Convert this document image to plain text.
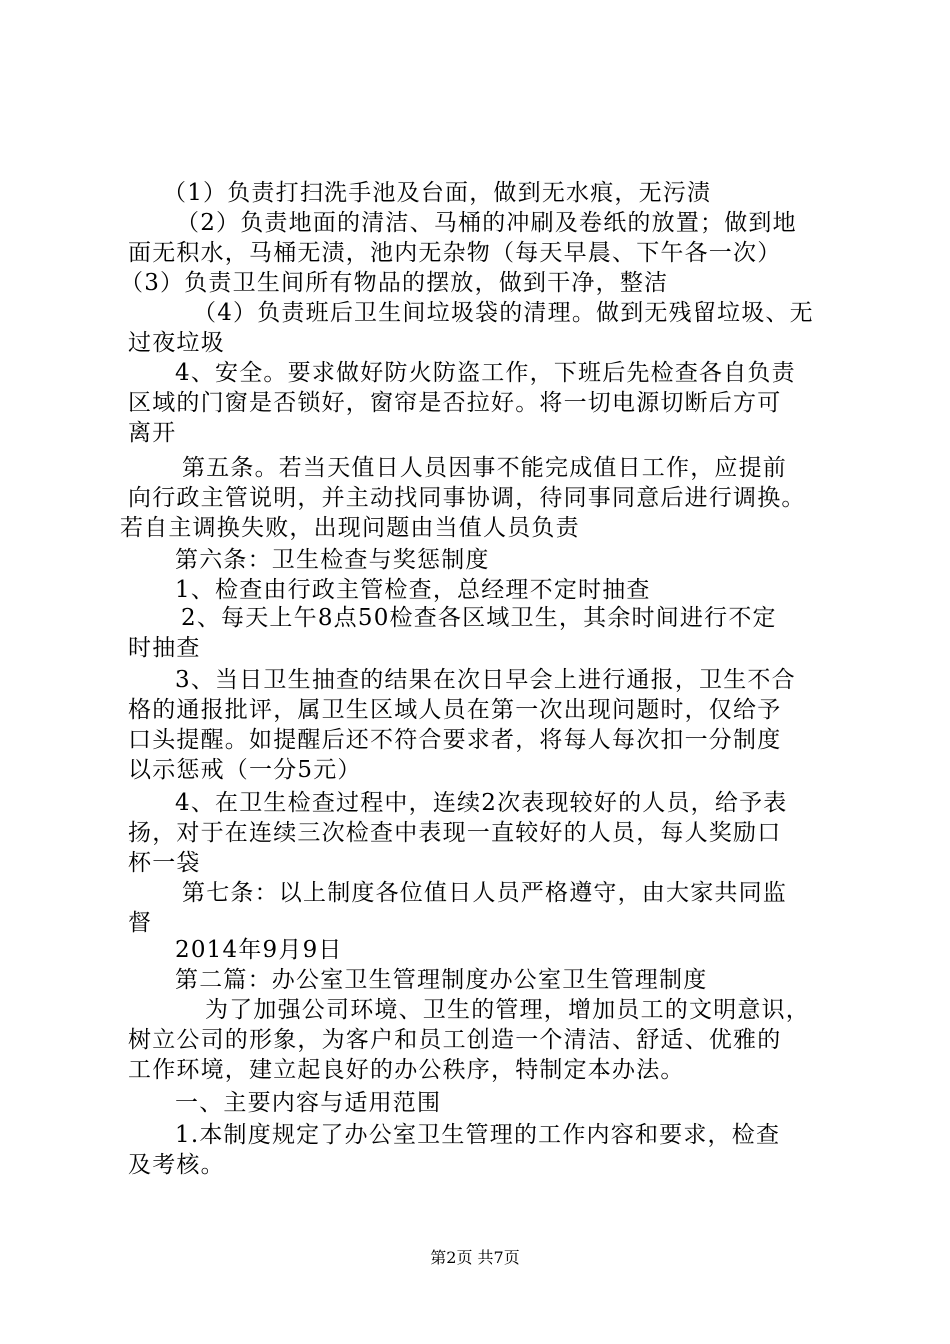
（1）负责打扫洗手池及台面，做到无水痕，无污渍
（2）负责地面的清洁、马桶的冲刷及卷纸的放置；做到地
面无积水，马桶无渍，池内无杂物（每天早晨、下午各一次）
（3）负责卫生间所有物品的摆放，做到干净，整洁
（4）负责班后卫生间垃圾袋的清理。做到无残留垃圾、无
过夜垃圾
4、安全。要求做好防火防盗工作，下班后先检查各自负责
区域的门窗是否锁好，窗帘是否拉好。将一切电源切断后方可
离开
第五条。若当天值日人员因事不能完成值日工作，应提前
向行政主管说明，并主动找同事协调，待同事同意后进行调换。
若自主调换失败，出现问题由当值人员负责
第六条：卫生检查与奖惩制度
1、检查由行政主管检查，总经理不定时抽查
2、每天上午8点50检查各区域卫生，其余时间进行不定
时抽查
3、当日卫生抽查的结果在次日早会上进行通报，卫生不合
格的通报批评，属卫生区域人员在第一次出现问题时，仅给予
口头提醒。如提醒后还不符合要求者，将每人每次扣一分制度
以示惩戒（一分5元）
4、在卫生检查过程中，连续2次表现较好的人员，给予表
扬，对于在连续三次检查中表现一直较好的人员，每人奖励口
杯一袋
第七条：以上制度各位值日人员严格遵守，由大家共同监
督
2014年9月9日
第二篇：办公室卫生管理制度办公室卫生管理制度
为了加强公司环境、卫生的管理，增加员工的文明意识，
树立公司的形象，为客户和员工创造一个清洁、舒适、优雅的
工作环境，建立起良好的办公秩序，特制定本办法。
一、主要内容与适用范围
1.本制度规定了办公室卫生管理的工作内容和要求，检查
及考核。
第2页 共7页
